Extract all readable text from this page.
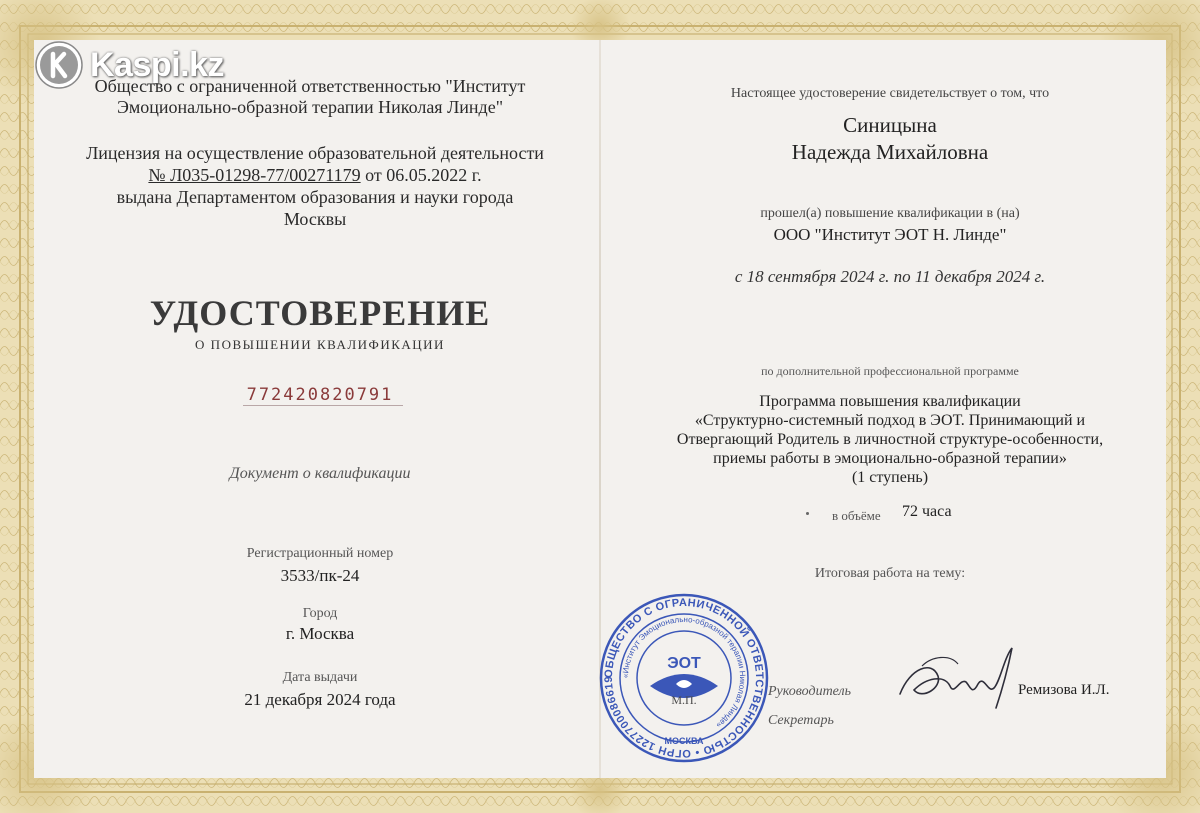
Kaspi.kz
Общество с ограниченной ответственностью "Институт
Эмоционально-образной терапии Николая Линде"
Лицензия на осуществление образовательной деятельности
№ Л035-01298-77/00271179 от 06.05.2022 г.
выдана Департаментом образования и науки города
Москвы
УДОСТОВЕРЕНИЕ
О ПОВЫШЕНИИ КВАЛИФИКАЦИИ
772420820791
Документ о квалификации
Регистрационный номер
3533/пк-24
Город
г. Москва
Дата выдачи
21 декабря 2024 года
Настоящее удостоверение свидетельствует о том, что
Синицына
Надежда Михайловна
прошел(а) повышение квалификации в (на)
ООО "Институт ЭОТ Н. Линде"
с 18 сентября 2024 г. по 11 декабря 2024 г.
по дополнительной профессиональной программе
Программа повышения квалификации
«Структурно-системный подход в ЭОТ. Принимающий и
Отвергающий Родитель в личностной структуре-особенности,
приемы работы в эмоционально-образной терапии»
(1 ступень)
в объёме 72 часа
Итоговая работа на тему:
ОБЩЕСТВО С ОГРАНИЧЕННОЙ ОТВЕТСТВЕННОСТЬЮ • ОГРН 1227700086619
«Институт Эмоционально-образной терапии Николая Линде»
ЭОТ
М.П.
МОСКВА
Руководитель
Секретарь
Ремизова И.Л.
